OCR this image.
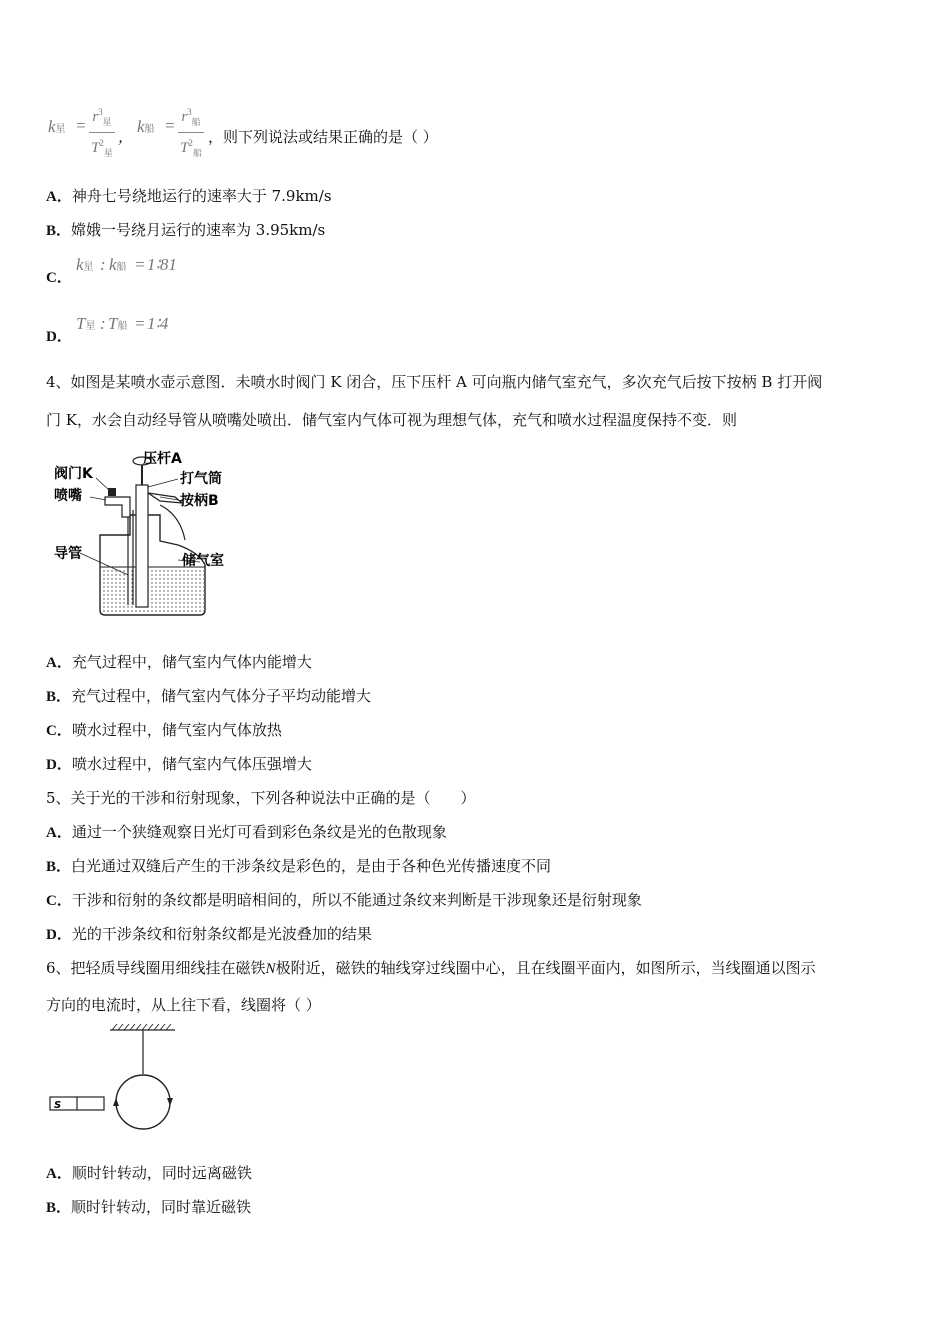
k星 = $r^3_星$
$T^2_星$
，
k船 = $r^3_船$
$T^2_船$
，则下列说法或结果正确的是（ ）
A．神舟七号绕地运行的速率大于 7.9km/s
B．嫦娥一号绕月运行的速率为 3.95km/s
C．
k星 : k船 = 1∶81
D．
T星 : T船 = 1∶4
4、如图是某喷水壶示意图．未喷水时阀门 K 闭合，压下压杆 A 可向瓶内储气室充气，多次充气后按下按柄 B 打开阀
门 K，水会自动经导管从喷嘴处喷出．储气室内气体可视为理想气体，充气和喷水过程温度保持不变．则
阀门K
喷嘴
压杆A
打气筒
按柄B
导管	储气室
A．充气过程中，储气室内气体内能增大
B．充气过程中，储气室内气体分子平均动能增大
C．喷水过程中，储气室内气体放热
D．喷水过程中，储气室内气体压强增大
5、关于光的干涉和衍射现象，下列各种说法中正确的是（　　）
A．通过一个狭缝观察日光灯可看到彩色条纹是光的色散现象
B．白光通过双缝后产生的干涉条纹是彩色的，是由于各种色光传播速度不同
C．干涉和衍射的条纹都是明暗相间的，所以不能通过条纹来判断是干涉现象还是衍射现象
D．光的干涉条纹和衍射条纹都是光波叠加的结果
6、把轻质导线圈用细线挂在磁铁N极附近，磁铁的轴线穿过线圈中心，且在线圈平面内，如图所示，当线圈通以图示
方向的电流时，从上往下看，线圈将（ ）
S
A．顺时针转动，同时远离磁铁
B．顺时针转动，同时靠近磁铁
